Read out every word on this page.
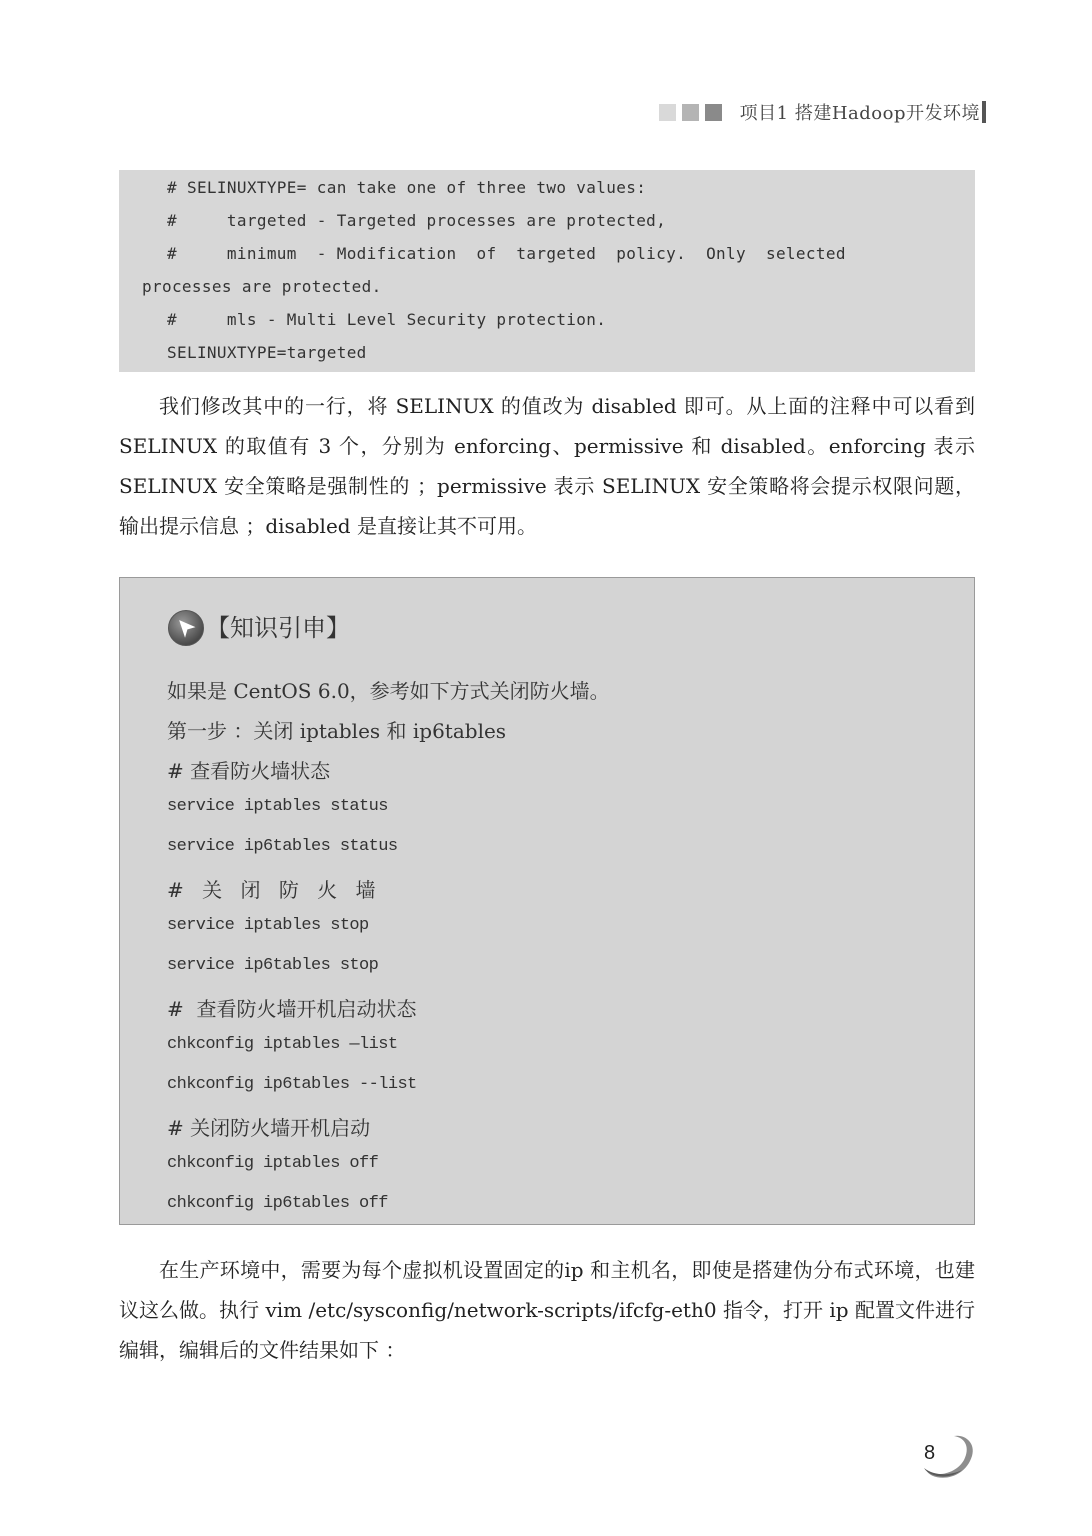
项目1 搭建Hadoop开发环境
# SELINUXTYPE= can take one of three two values:
#     targeted - Targeted processes are protected,
#     minimum  - Modification  of  targeted  policy.  Only  selected
processes are protected.
#     mls - Multi Level Security protection.
SELINUXTYPE=targeted

我们修改其中的一行，将 SELINUX 的值改为 disabled 即可。从上面的注释中可以看到 SELINUX 的取值有 3 个，分别为 enforcing、permissive 和 disabled。enforcing 表示 SELINUX 安全策略是强制性的 ；permissive 表示 SELINUX 安全策略将会提示权限问题，输出提示信息 ；disabled 是直接让其不可用。

【知识引申】
如果是 CentOS 6.0，参考如下方式关闭防火墙。
第一步 ：关闭 iptables 和 ip6tables
# 查看防火墙状态
service iptables status
service ip6tables status
# 关 闭 防 火 墙
service iptables stop
service ip6tables stop
#  查看防火墙开机启动状态
chkconfig iptables —list
chkconfig ip6tables --list
# 关闭防火墙开机启动
chkconfig iptables off
chkconfig ip6tables off

在生产环境中，需要为每个虚拟机设置固定的ip 和主机名，即使是搭建伪分布式环境，也建议这么做。执行 vim /etc/sysconfig/network-scripts/ifcfg-eth0 指令，打开 ip 配置文件进行编辑，编辑后的文件结果如下 ：

8
